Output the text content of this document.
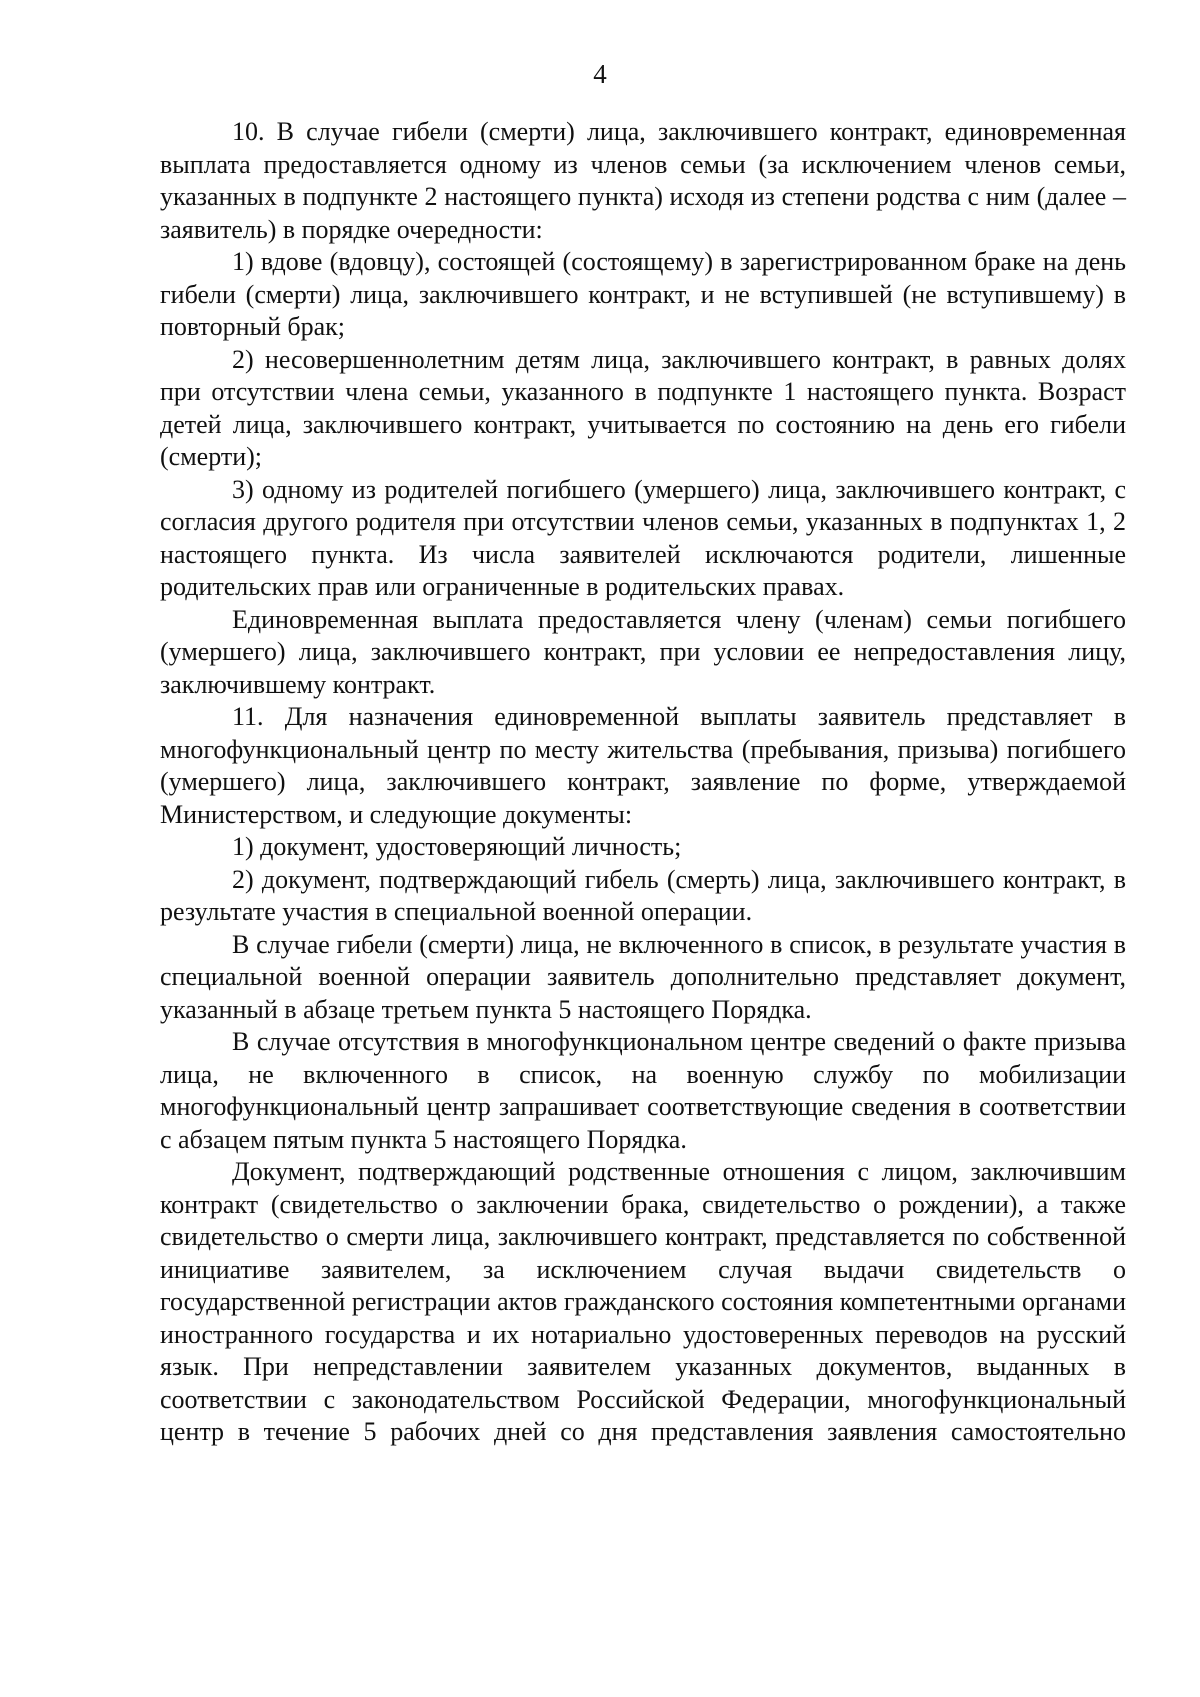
4

10. В случае гибели (смерти) лица, заключившего контракт, единовременная выплата предоставляется одному из членов семьи (за исключением членов семьи, указанных в подпункте 2 настоящего пункта) исходя из степени родства с ним (далее – заявитель) в порядке очередности:

1) вдове (вдовцу), состоящей (состоящему) в зарегистрированном браке на день гибели (смерти) лица, заключившего контракт, и не вступившей (не вступившему) в повторный брак;

2) несовершеннолетним детям лица, заключившего контракт, в равных долях при отсутствии члена семьи, указанного в подпункте 1 настоящего пункта. Возраст детей лица, заключившего контракт, учитывается по состоянию на день его гибели (смерти);

3) одному из родителей погибшего (умершего) лица, заключившего контракт, с согласия другого родителя при отсутствии членов семьи, указанных в подпунктах 1, 2 настоящего пункта. Из числа заявителей исключаются родители, лишенные родительских прав или ограниченные в родительских правах.

Единовременная выплата предоставляется члену (членам) семьи погибшего (умершего) лица, заключившего контракт, при условии ее непредоставления лицу, заключившему контракт.

11. Для назначения единовременной выплаты заявитель представляет в многофункциональный центр по месту жительства (пребывания, призыва) погибшего (умершего) лица, заключившего контракт, заявление по форме, утверждаемой Министерством, и следующие документы:

1) документ, удостоверяющий личность;

2) документ, подтверждающий гибель (смерть) лица, заключившего контракт, в результате участия в специальной военной операции.

В случае гибели (смерти) лица, не включенного в список, в результате участия в специальной военной операции заявитель дополнительно представляет документ, указанный в абзаце третьем пункта 5 настоящего Порядка.

В случае отсутствия в многофункциональном центре сведений о факте призыва лица, не включенного в список, на военную службу по мобилизации многофункциональный центр запрашивает соответствующие сведения в соответствии с абзацем пятым пункта 5 настоящего Порядка.

Документ, подтверждающий родственные отношения с лицом, заключившим контракт (свидетельство о заключении брака, свидетельство о рождении), а также свидетельство о смерти лица, заключившего контракт, представляется по собственной инициативе заявителем, за исключением случая выдачи свидетельств о государственной регистрации актов гражданского состояния компетентными органами иностранного государства и их нотариально удостоверенных переводов на русский язык. При непредставлении заявителем указанных документов, выданных в соответствии с законодательством Российской Федерации, многофункциональный центр в течение 5 рабочих дней со дня представления заявления самостоятельно
